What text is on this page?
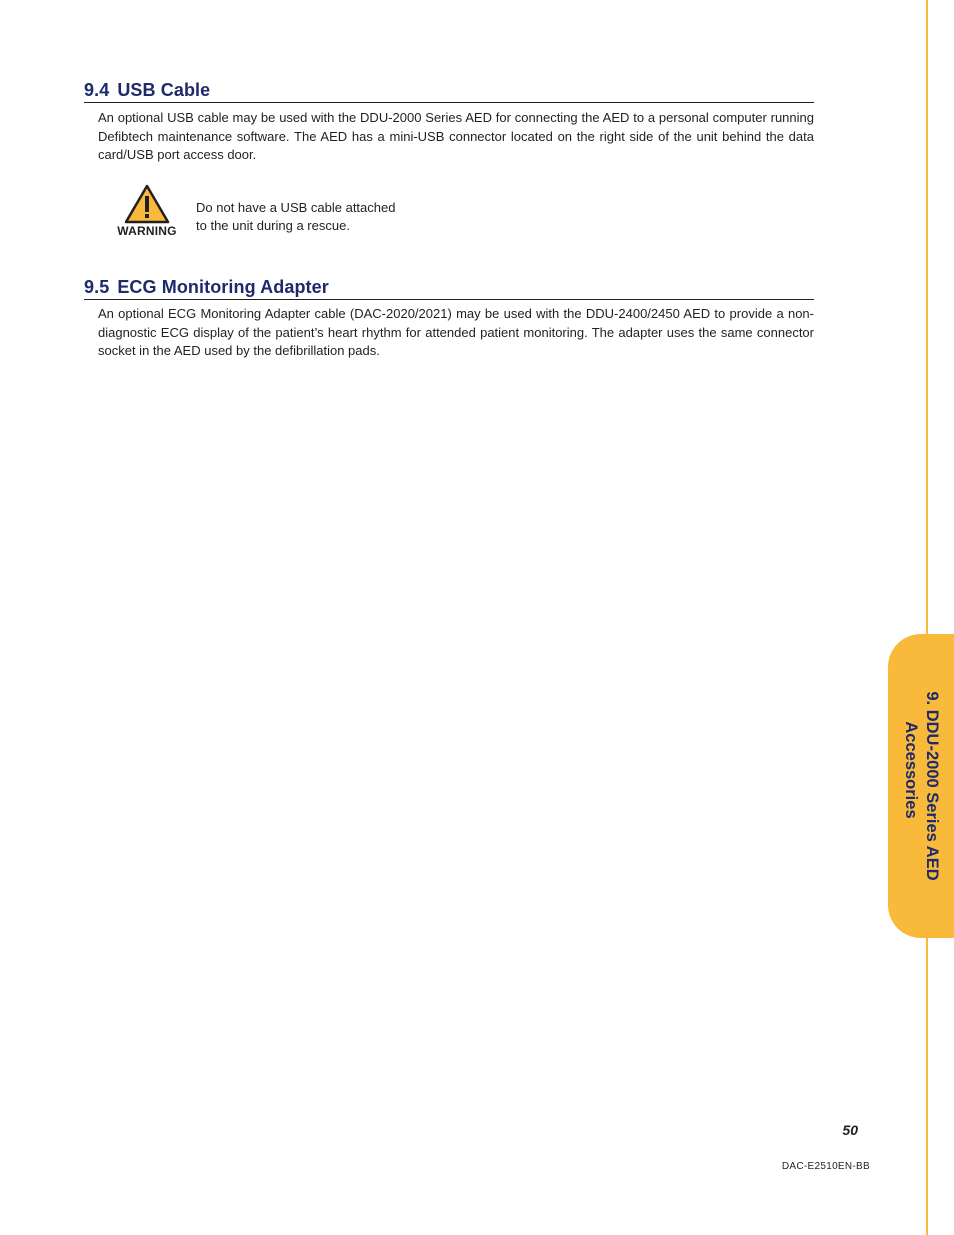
9.4 USB Cable

An optional USB cable may be used with the DDU-2000 Series AED for connecting the AED to a personal computer running Defibtech maintenance software. The AED has a mini-USB connector located on the right side of the unit behind the data card/USB port access door.

WARNING

Do not have a USB cable attached
to the unit during a rescue.

9.5 ECG Monitoring Adapter

An optional ECG Monitoring Adapter cable (DAC-2020/2021) may be used with the DDU-2400/2450 AED to provide a non-diagnostic ECG display of the patient’s heart rhythm for attended patient monitoring. The adapter uses the same connector socket in the AED used by the defibrillation pads.

9. DDU-2000 Series AED
Accessories
50
DAC-E2510EN-BB
